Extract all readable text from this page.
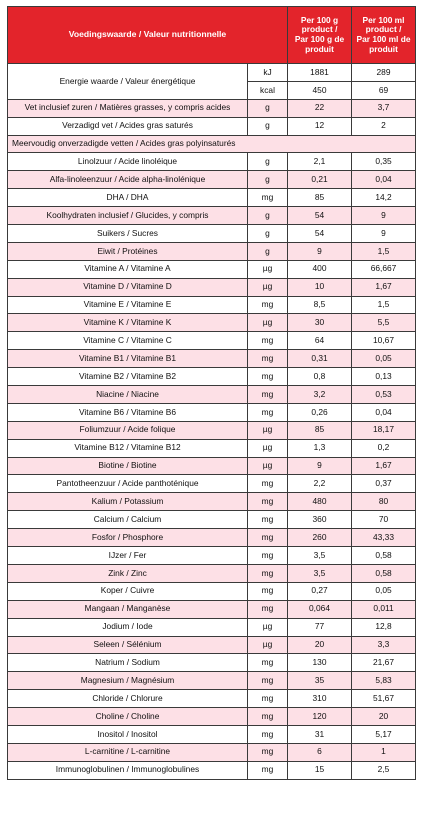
Voedingswaarde / Valeur nutritionnelle		Per 100 g
product /
Par 100 g de
produit	Per 100 ml
product /
Par 100 ml de
produit
Energie waarde / Valeur énergétique	kJ	1881	289
	kcal	450	69
Vet inclusief zuren / Matières grasses, y compris acides	g	22	3,7
Verzadigd vet / Acides gras saturés	g	12	2
Meervoudig onverzadigde vetten / Acides gras polyinsaturés			
Linolzuur / Acide linoléique	g	2,1	0,35
Alfa-linoleenzuur / Acide alpha-linolénique	g	0,21	0,04
DHA / DHA	mg	85	14,2
Koolhydraten inclusief / Glucides, y compris	g	54	9
Suikers / Sucres	g	54	9
Eiwit / Protéines	g	9	1,5
Vitamine A / Vitamine A	µg	400	66,667
Vitamine D / Vitamine D	µg	10	1,67
Vitamine E / Vitamine E	mg	8,5	1,5
Vitamine K / Vitamine K	µg	30	5,5
Vitamine C / Vitamine C	mg	64	10,67
Vitamine B1 / Vitamine B1	mg	0,31	0,05
Vitamine B2 / Vitamine B2	mg	0,8	0,13
Niacine / Niacine	mg	3,2	0,53
Vitamine B6 / Vitamine B6	mg	0,26	0,04
Foliumzuur / Acide folique	µg	85	18,17
Vitamine B12 / Vitamine B12	µg	1,3	0,2
Biotine / Biotine	µg	9	1,67
Pantotheenzuur / Acide panthoténique	mg	2,2	0,37
Kalium / Potassium	mg	480	80
Calcium / Calcium	mg	360	70
Fosfor / Phosphore	mg	260	43,33
IJzer / Fer	mg	3,5	0,58
Zink / Zinc	mg	3,5	0,58
Koper / Cuivre	mg	0,27	0,05
Mangaan / Manganèse	mg	0,064	0,011
Jodium / Iode	µg	77	12,8
Seleen / Sélénium	µg	20	3,3
Natrium / Sodium	mg	130	21,67
Magnesium / Magnésium	mg	35	5,83
Chloride / Chlorure	mg	310	51,67
Choline / Choline	mg	120	20
Inositol / Inositol	mg	31	5,17
L-carnitine / L-carnitine	mg	6	1
Immunoglobulinen / Immunoglobulines	mg	15	2,5
